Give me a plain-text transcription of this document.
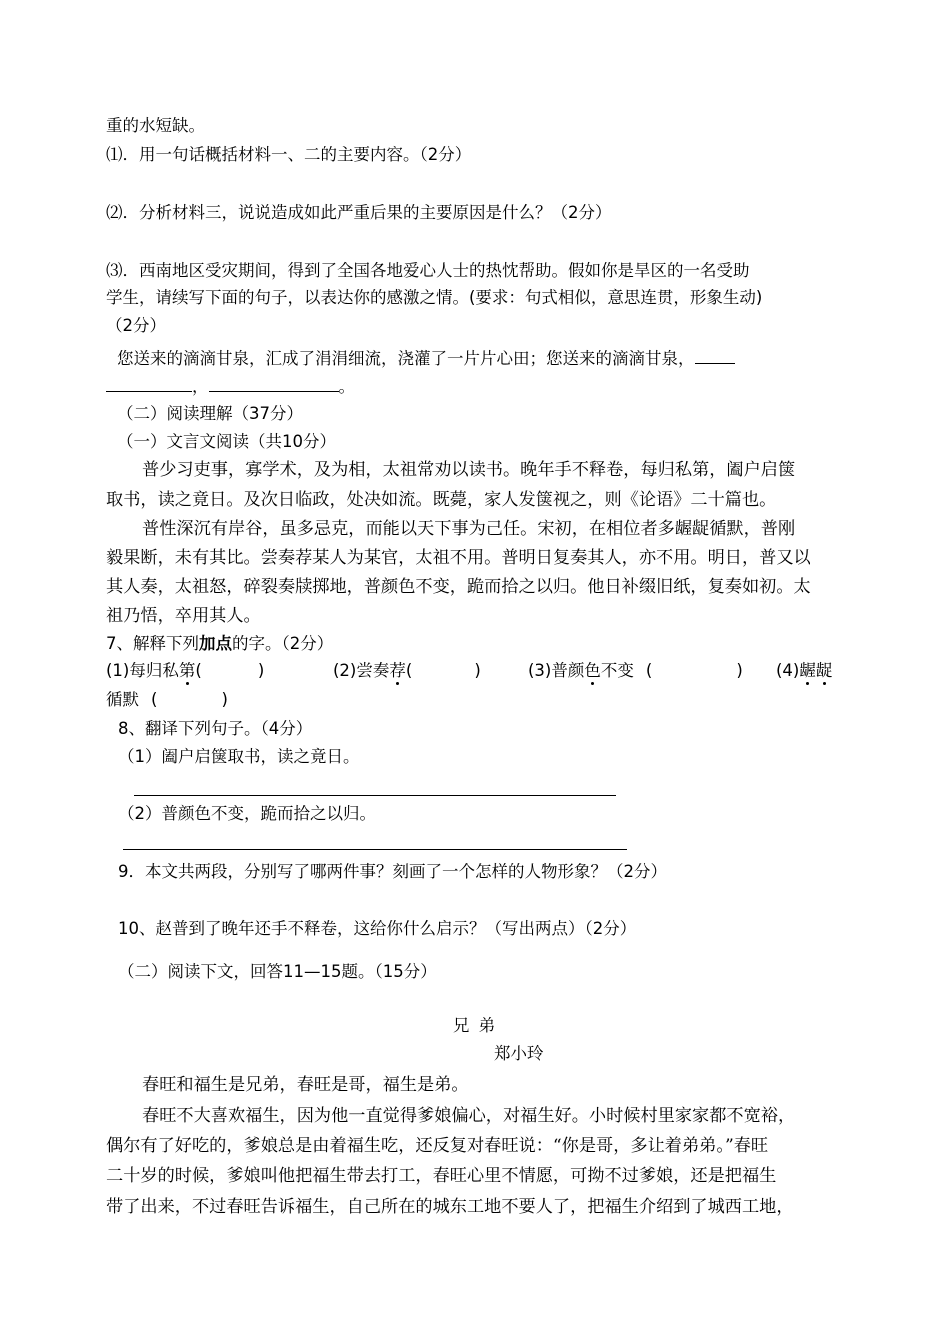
重的水短缺。
⑴．用一句话概括材料一、二的主要内容。（2分）
⑵．分析材料三，说说造成如此严重后果的主要原因是什么？（2分）
⑶．西南地区受灾期间，得到了全国各地爱心人士的热忱帮助。假如你是旱区的一名受助
学生，请续写下面的句子，以表达你的感激之情。(要求：句式相似，意思连贯，形象生动)
（2分）
您送来的滴滴甘泉，汇成了涓涓细流，浇灌了一片片心田；您送来的滴滴甘泉，
，	。
（二）阅读理解（37分）
（一）文言文阅读（共10分）
普少习吏事，寡学术，及为相，太祖常劝以读书。晚年手不释卷，每归私第，阖户启箧
取书，读之竟日。及次日临政，处决如流。既薨，家人发箧视之，则《论语》二十篇也。
普性深沉有岸谷，虽多忌克，而能以天下事为己任。宋初，在相位者多龌龊循默，普刚
毅果断，未有其比。尝奏荐某人为某官，太祖不用。普明日复奏其人，亦不用。明日，普又以
其人奏，太祖怒，碎裂奏牍掷地，普颜色不变，跪而拾之以归。他日补缀旧纸，复奏如初。太
祖乃悟，卒用其人。
7、解释下列加点的字。（2分）
(1)每归私第(	)	(2)尝奏荐(	)	(3)普颜色不变 (	) (4)龌龊
循默 (	)
8、翻译下列句子。（4分）
（1）阖户启箧取书，读之竟日。
（2）普颜色不变，跪而拾之以归。
9．本文共两段，分别写了哪两件事？刻画了一个怎样的人物形象？（2分）
10、赵普到了晚年还手不释卷，这给你什么启示？（写出两点）（2分）
（二）阅读下文，回答11—15题。（15分）
兄 弟
郑小玲
春旺和福生是兄弟，春旺是哥，福生是弟。
春旺不大喜欢福生，因为他一直觉得爹娘偏心，对福生好。小时候村里家家都不宽裕，
偶尔有了好吃的，爹娘总是由着福生吃，还反复对春旺说：“你是哥，多让着弟弟。”春旺
二十岁的时候，爹娘叫他把福生带去打工，春旺心里不情愿，可拗不过爹娘，还是把福生
带了出来，不过春旺告诉福生，自己所在的城东工地不要人了，把福生介绍到了城西工地，
